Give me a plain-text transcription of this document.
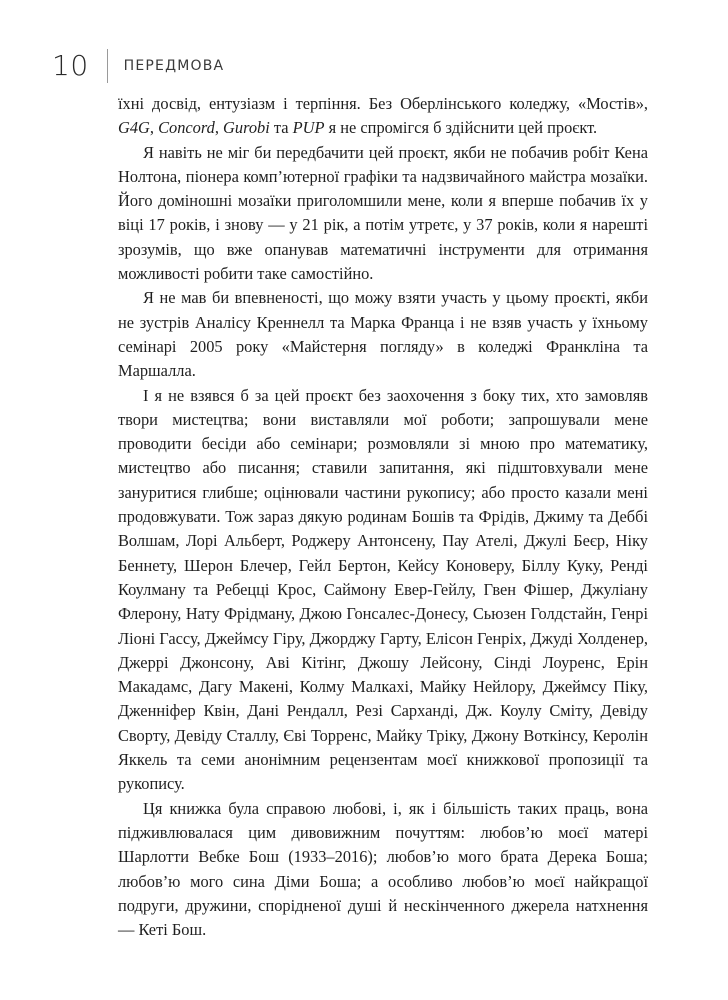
10	ПЕРЕДМОВА

їхні досвід, ентузіазм і терпіння. Без Оберлінського коледжу, «Мостів», G4G, Concord, Gurobi та PUP я не спромігся б здійснити цей проєкт.

Я навіть не міг би передбачити цей проєкт, якби не побачив робіт Кена Нолтона, піонера комп’ютерної графіки та надзвичайного майстра мозаїки. Його доміношні мозаїки приголомшили мене, коли я вперше побачив їх у віці 17 років, і знову — у 21 рік, а потім утретє, у 37 років, коли я нарешті зрозумів, що вже опанував математичні інструменти для отримання можливості робити таке самостійно.

Я не мав би впевненості, що можу взяти участь у цьому проєкті, якби не зустрів Аналісу Креннелл та Марка Франца і не взяв участь у їхньому семінарі 2005 року «Майстерня погляду» в коледжі Франкліна та Маршалла.

І я не взявся б за цей проєкт без заохочення з боку тих, хто замовляв твори мистецтва; вони виставляли мої роботи; запрошували мене проводити бесіди або семінари; розмовляли зі мною про математику, мистецтво або писання; ставили запитання, які підштовхували мене зануритися глибше; оцінювали частини рукопису; або просто казали мені продовжувати. Тож зараз дякую родинам Бошів та Фрідів, Джиму та Деббі Волшам, Лорі Альберт, Роджеру Антонсену, Пау Ателі, Джулі Беєр, Ніку Беннету, Шерон Блечер, Гейл Бертон, Кейсу Коноверу, Біллу Куку, Ренді Коулману та Ребецці Крос, Саймону Евер-Гейлу, Гвен Фішер, Джуліану Флерону, Нату Фрідману, Джою Гонсалес-Донесу, Сьюзен Голдстайн, Генрі Ліоні Гассу, Джеймсу Гіру, Джорджу Гарту, Елісон Генріх, Джуді Холденер, Джеррі Джонсону, Аві Кітінг, Джошу Лейсону, Сінді Лоуренс, Ерін Макадамс, Дагу Макені, Колму Малкахі, Майку Нейлору, Джеймсу Піку, Дженніфер Квін, Дані Рендалл, Резі Сарханді, Дж. Коулу Сміту, Девіду Сворту, Девіду Сталлу, Єві Торренс, Майку Тріку, Джону Воткінсу, Керолін Яккель та семи анонімним рецензентам моєї книжкової пропозиції та рукопису.

Ця книжка була справою любові, і, як і більшість таких праць, вона підживлювалася цим дивовижним почуттям: любов’ю моєї матері Шарлотти Вебке Бош (1933–2016); любов’ю мого брата Дерека Боша; любов’ю мого сина Діми Боша; а особливо любов’ю моєї найкращої подруги, дружини, спорідненої душі й нескінченного джерела натхнення — Кеті Бош.
